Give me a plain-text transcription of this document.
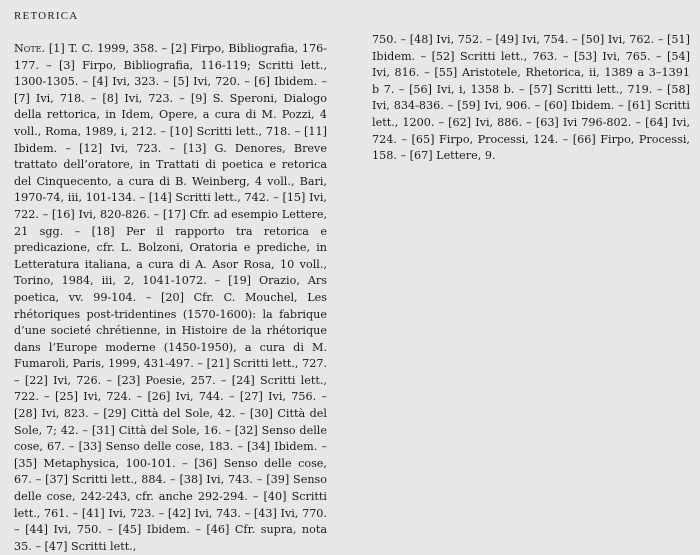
RETORICA
Note. [1] T. C. 1999, 358. – [2] Firpo, Bibliografia, 176-177. – [3] Firpo, Bibliografia, 116-119; Scritti lett., 1300-1305. – [4] Ivi, 323. – [5] Ivi, 720. – [6] Ibidem. – [7] Ivi, 718. – [8] Ivi, 723. – [9] S. Speroni, Dialogo della rettorica, in Idem, Opere, a cura di M. Pozzi, 4 voll., Roma, 1989, i, 212. – [10] Scritti lett., 718. – [11] Ibidem. – [12] Ivi, 723. – [13] G. Denores, Breve trattato dell’oratore, in Trattati di poetica e retorica del Cinquecento, a cura di B. Weinberg, 4 voll., Bari, 1970-74, iii, 101-134. – [14] Scritti lett., 742. – [15] Ivi, 722. – [16] Ivi, 820-826. – [17] Cfr. ad esempio Lettere, 21 sgg. – [18] Per il rapporto tra retorica e predicazione, cfr. L. Bolzoni, Oratoria e prediche, in Letteratura italiana, a cura di A. Asor Rosa, 10 voll., Torino, 1984, iii, 2, 1041-1072. – [19] Orazio, Ars poetica, vv. 99-104. – [20] Cfr. C. Mouchel, Les rhétoriques post-tridentines (1570-1600): la fabrique d’une societé chrétienne, in Histoire de la rhétorique dans l’Europe moderne (1450-1950), a cura di M. Fumaroli, Paris, 1999, 431-497. – [21] Scritti lett., 727. – [22] Ivi, 726. – [23] Poesie, 257. – [24] Scritti lett., 722. – [25] Ivi, 724. – [26] Ivi, 744. – [27] Ivi, 756. – [28] Ivi, 823. – [29] Città del Sole, 42. – [30] Città del Sole, 7; 42. – [31] Città del Sole, 16. – [32] Senso delle cose, 67. – [33] Senso delle cose, 183. – [34] Ibidem. – [35] Metaphysica, 100-101. – [36] Senso delle cose, 67. – [37] Scritti lett., 884. – [38] Ivi, 743. – [39] Senso delle cose, 242-243, cfr. anche 292-294. – [40] Scritti lett., 761. – [41] Ivi, 723. – [42] Ivi, 743. – [43] Ivi, 770. – [44] Ivi, 750. – [45] Ibidem. – [46] Cfr. supra, nota 35. – [47] Scritti lett.,
750. – [48] Ivi, 752. – [49] Ivi, 754. – [50] Ivi, 762. – [51] Ibidem. – [52] Scritti lett., 763. – [53] Ivi, 765. – [54] Ivi, 816. – [55] Aristotele, Rhetorica, ii, 1389 a 3–1391 b 7. – [56] Ivi, i, 1358 b. – [57] Scritti lett., 719. – [58] Ivi, 834-836. – [59] Ivi, 906. – [60] Ibidem. – [61] Scritti lett., 1200. – [62] Ivi, 886. – [63] Ivi 796-802. – [64] Ivi, 724. – [65] Firpo, Processi, 124. – [66] Firpo, Processi, 158. – [67] Lettere, 9.
